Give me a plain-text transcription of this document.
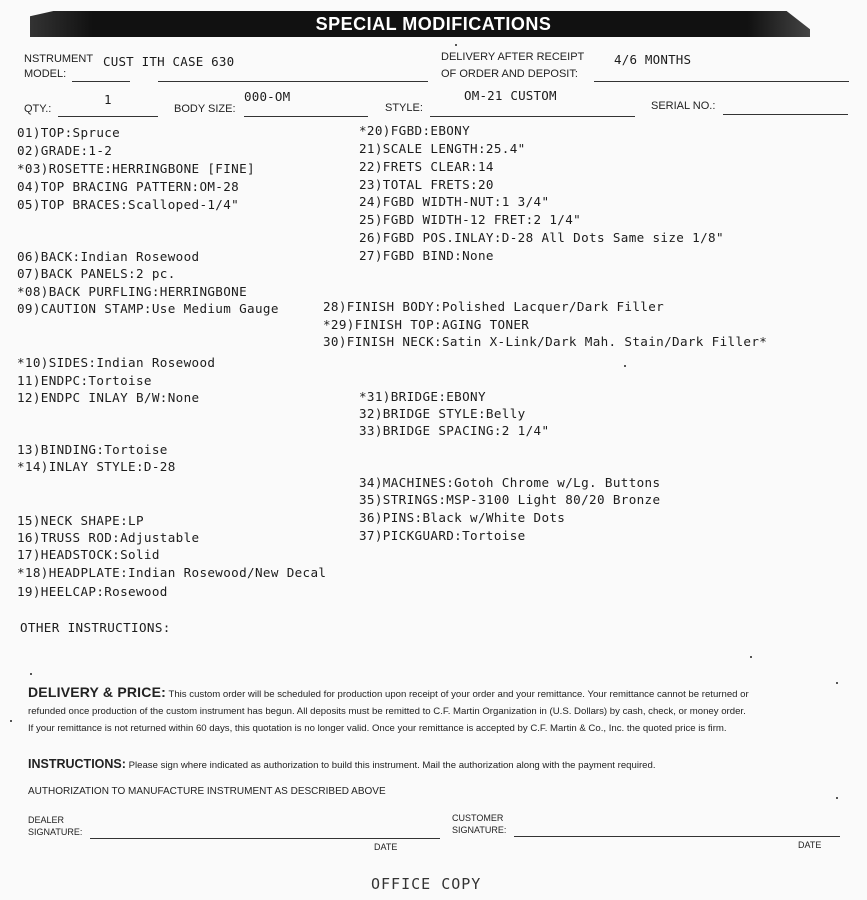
SPECIAL MODIFICATIONS
NSTRUMENT
MODEL:
CUST ITH CASE 630	DELIVERY AFTER RECEIPT
OF ORDER AND DEPOSIT:
4/6 MONTHS
QTY.:
1
BODY SIZE:
000-OM
STYLE:
OM-21 CUSTOM
SERIAL NO.:
01)TOP:Spruce
02)GRADE:1-2
*03)ROSETTE:HERRINGBONE [FINE]
04)TOP BRACING PATTERN:OM-28
05)TOP BRACES:Scalloped-1/4"
06)BACK:Indian Rosewood
07)BACK PANELS:2 pc.
*08)BACK PURFLING:HERRINGBONE
09)CAUTION STAMP:Use Medium Gauge
*10)SIDES:Indian Rosewood
11)ENDPC:Tortoise
12)ENDPC INLAY B/W:None
13)BINDING:Tortoise
*14)INLAY STYLE:D-28
15)NECK SHAPE:LP
16)TRUSS ROD:Adjustable
17)HEADSTOCK:Solid
*18)HEADPLATE:Indian Rosewood/New Decal
19)HEELCAP:Rosewood
*20)FGBD:EBONY
21)SCALE LENGTH:25.4"
22)FRETS CLEAR:14
23)TOTAL FRETS:20
24)FGBD WIDTH-NUT:1 3/4"
25)FGBD WIDTH-12 FRET:2 1/4"
26)FGBD POS.INLAY:D-28 All Dots Same size 1/8"
27)FGBD BIND:None
28)FINISH BODY:Polished Lacquer/Dark Filler
*29)FINISH TOP:AGING TONER
30)FINISH NECK:Satin X-Link/Dark Mah. Stain/Dark Filler*
*31)BRIDGE:EBONY
32)BRIDGE STYLE:Belly
33)BRIDGE SPACING:2 1/4"
34)MACHINES:Gotoh Chrome w/Lg. Buttons
35)STRINGS:MSP-3100 Light 80/20 Bronze
36)PINS:Black w/White Dots
37)PICKGUARD:Tortoise
OTHER INSTRUCTIONS:
DELIVERY & PRICE: This custom order will be scheduled for production upon receipt of your order and your remittance. Your remittance cannot be returned or
refunded once production of the custom instrument has begun. All deposits must be remitted to C.F. Martin Organization in (U.S. Dollars) by cash, check, or money order.
If your remittance is not returned within 60 days, this quotation is no longer valid. Once your remittance is accepted by C.F. Martin & Co., Inc. the quoted price is firm.
INSTRUCTIONS: Please sign where indicated as authorization to build this instrument. Mail the authorization along with the payment required.
AUTHORIZATION TO MANUFACTURE INSTRUMENT AS DESCRIBED ABOVE
DEALER
SIGNATURE:
DATE
CUSTOMER
SIGNATURE:
DATE
OFFICE COPY
